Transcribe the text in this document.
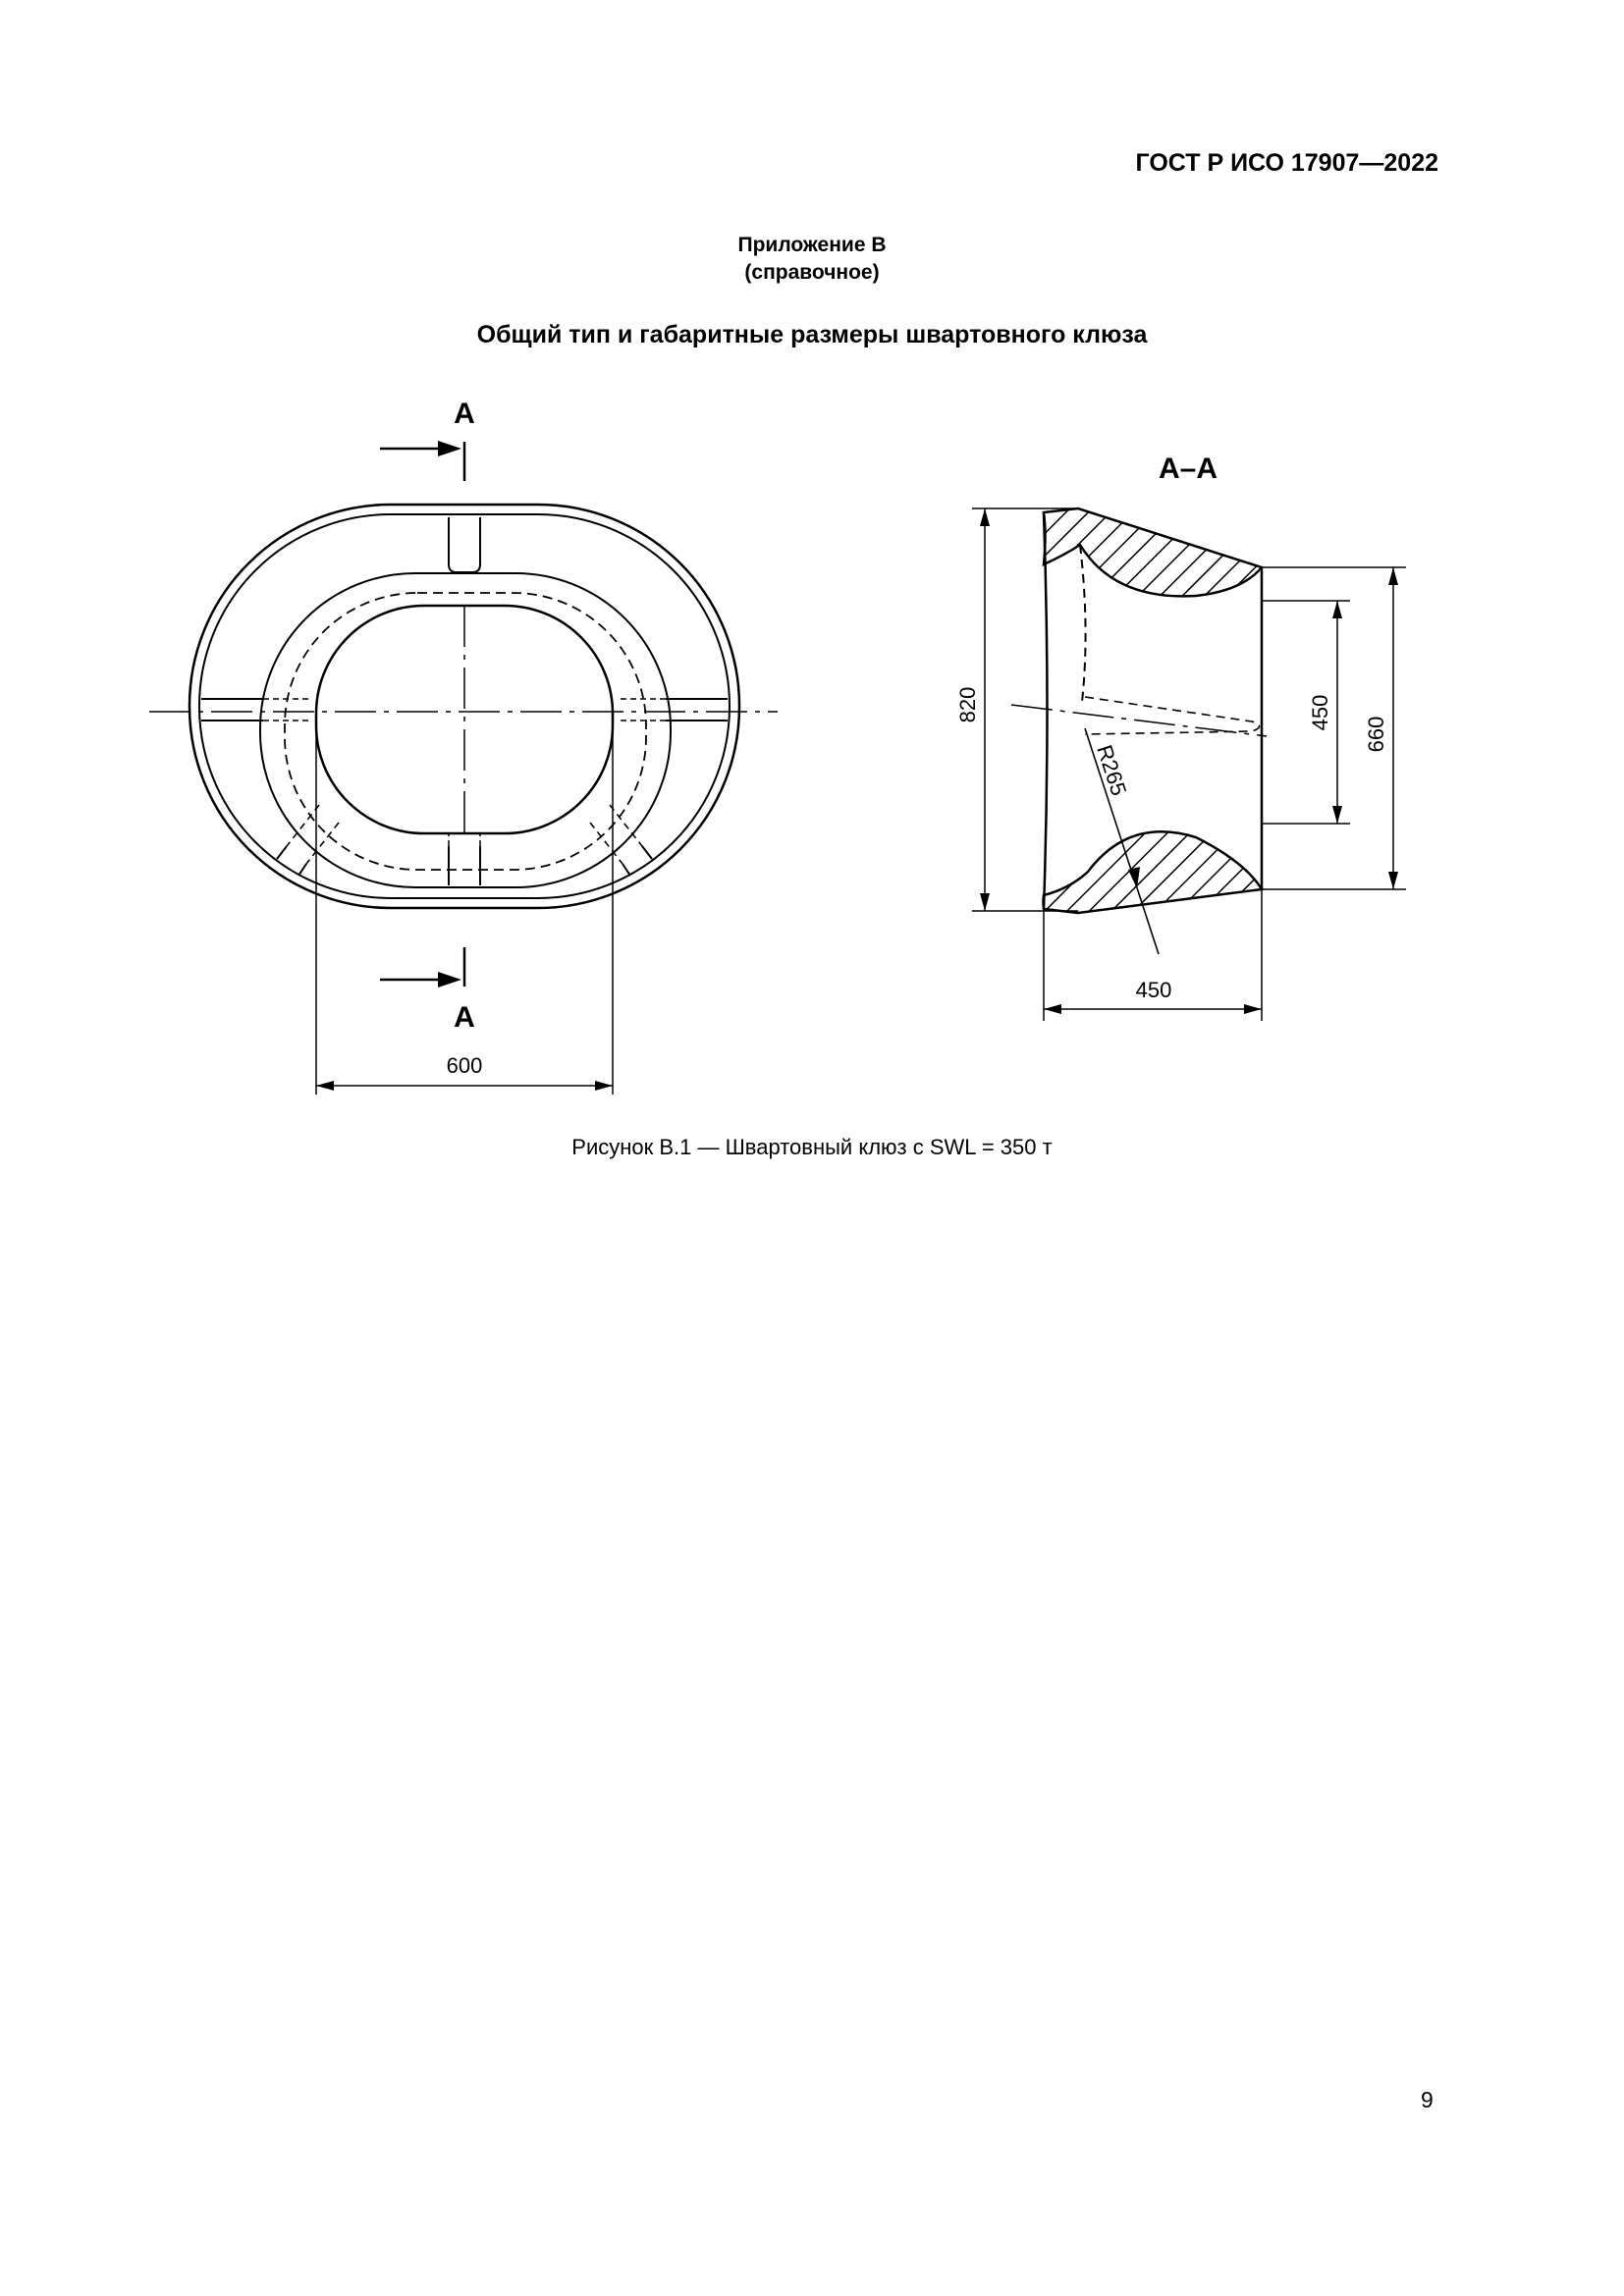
ГОСТ Р ИСО 17907—2022
Приложение В
(справочное)
Общий тип и габаритные размеры швартовного клюза
А
А
600
А–А
820	450
660
R265
450
Рисунок В.1 — Швартовный клюз с SWL = 350 т
9
